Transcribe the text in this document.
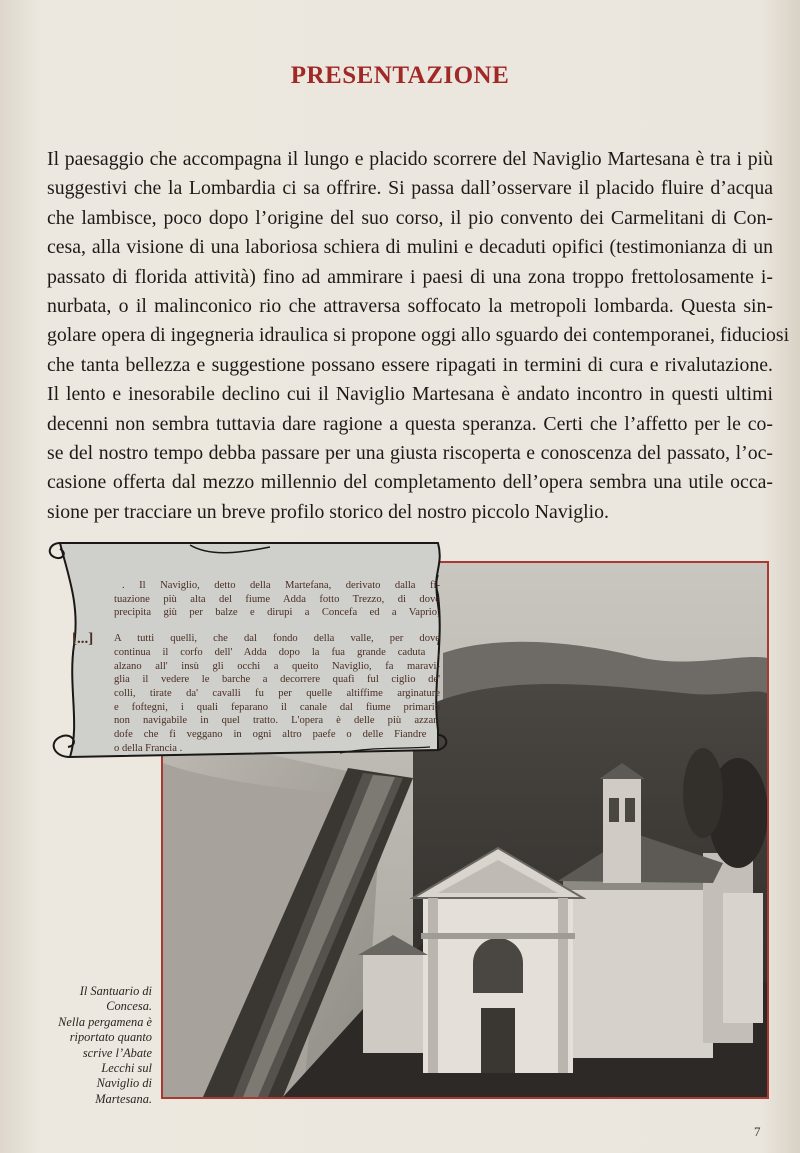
PRESENTAZIONE
Il paesaggio che accompagna il lungo e placido scorrere del Naviglio Martesana è tra i più
suggestivi che la Lombardia ci sa offrire. Si passa dall’osservare il placido fluire d’acqua
che lambisce, poco dopo l’origine del suo corso, il pio convento dei Carmelitani di Con-
cesa, alla visione di una laboriosa schiera di mulini e decaduti opifici (testimonianza di un
passato di florida attività) fino ad ammirare i paesi di una zona troppo frettolosamente i-
nurbata, o il malinconico rio che attraversa soffocato la metropoli lombarda. Questa sin-
golare opera di ingegneria idraulica si propone oggi allo sguardo dei contemporanei, fiduciosi
che tanta bellezza e suggestione possano essere ripagati in termini di cura e rivalutazione.
Il lento e inesorabile declino cui il Naviglio Martesana è andato incontro in questi ultimi
decenni non sembra tuttavia dare ragione a questa speranza. Certi che l’affetto per le co-
se del nostro tempo debba passare per una giusta riscoperta e conoscenza del passato, l’oc-
casione offerta dal mezzo millennio del completamento dell’opera sembra una utile occa-
sione per tracciare un breve profilo storico del nostro piccolo Naviglio.
[...]
. Il Naviglio, detto della Martefana, derivato dalla fi-
tuazione più alta del fiume Adda fotto Trezzo, di dove
precipita giù per balze e dirupi a Concefa ed a Vaprio;
A tutti quelli, che dal fondo della valle, per dove
continua il corfo dell' Adda dopo la fua grande caduta ,
alzano all' insù gli occhi a queito Naviglio, fa maravi-
glia il vedere le barche a decorrere quafi ful ciglio de'
colli, tirate da' cavalli fu per quelle altiffime arginature
e foftegni, i quali feparano il canale dal fiume primario
non navigabile in quel tratto. L'opera è delle più azzar-
dofe che fi veggano in ogni altro paefe o delle Fiandre ,
o della Francia .
Il Santuario di
Concesa.
Nella pergamena è
riportato quanto
scrive l’Abate
Lecchi sul
Naviglio di
Martesana.
7
